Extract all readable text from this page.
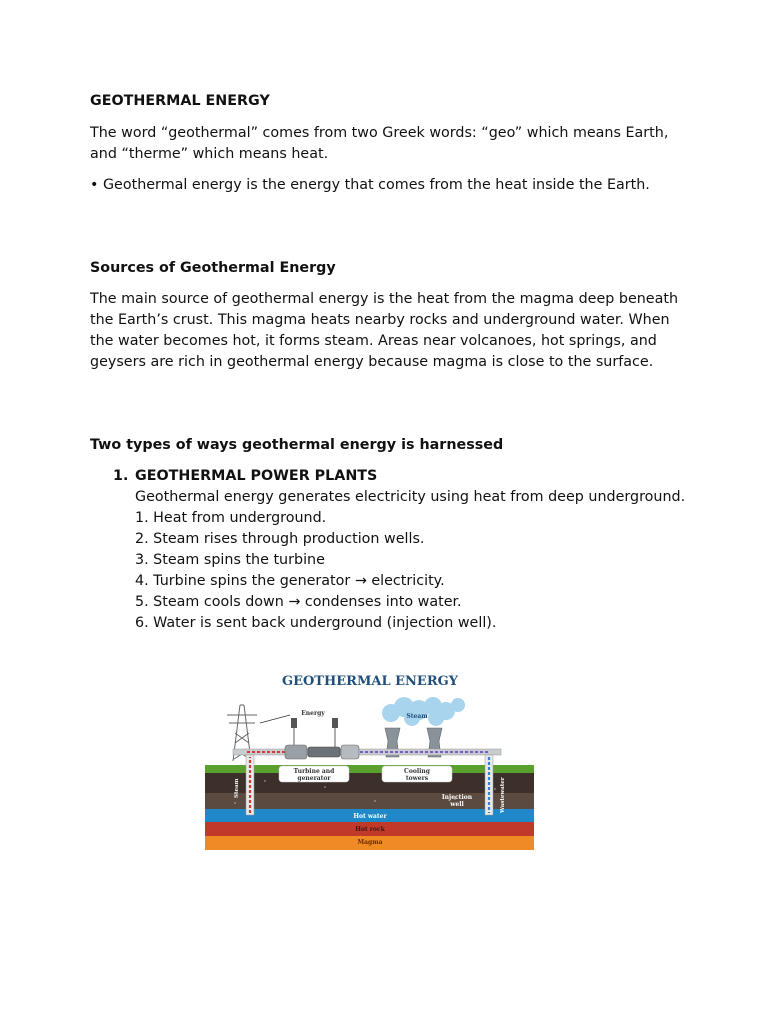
GEOTHERMAL ENERGY

The word “geothermal” comes from two Greek words: “geo” which means Earth, and “therme” which means heat.

• Geothermal energy is the energy that comes from the heat inside the Earth.

Sources of Geothermal Energy

The main source of geothermal energy is the heat from the magma deep beneath the Earth’s crust. This magma heats nearby rocks and underground water. When the water becomes hot, it forms steam. Areas near volcanoes, hot springs, and geysers are rich in geothermal energy because magma is close to the surface.

Two types of ways geothermal energy is harnessed
1. GEOTHERMAL POWER PLANTS

Geothermal energy generates electricity using heat from deep underground.

1. Heat from underground.
2. Steam rises through production wells.
3. Steam spins the turbine
4. Turbine spins the generator → electricity.
5. Steam cools down → condenses into water.
6. Water is sent back underground (injection well).
GEOTHERMAL ENERGY
Energy	Steam
Steam	Wastewater
Turbine and
generator
Cooling
towers
Injection
well
Hot water
Hot rock
Magma
